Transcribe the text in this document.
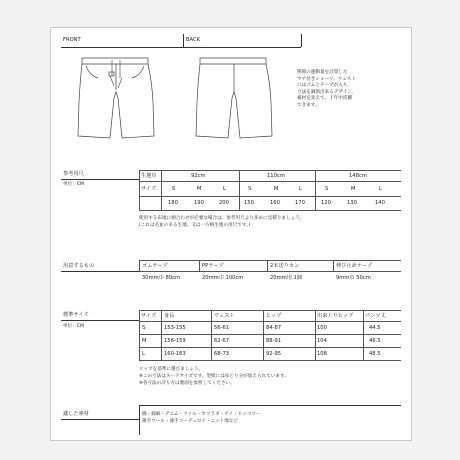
FRONT	BACK
関節の運動量を計算した
マチ付きショーツ。ウェスト
にはゴムとテープが入り、
寸法を調節出来るデザイン。
素材を変えて、１年中活躍
できます。
参考用尺
単位：CM
生地巾
サイズ
92cm	110cm	148cm
S	M	L	S	M	L	S	M	L
180	190	200	150	160	170	120	130	140
使用する布地に柄合わせが必要な場合は、参考用尺より多めに見積りましょう。
(これは毛並のある生地、又は一方柄生地の用尺です。)
用意するもの	ゴムテープ	PPテープ	2本送りカン	伸び止めテープ
30mm巾 80cm	20mm巾 100cm	20mm用 1個	9mm巾 50cm
標準サイズ
単位：CM
サイズ 身長	ウェスト	ヒップ	出来上りヒップ パンツ丈
S	153-155	56-61	84-87	100	44.5
M	156-159	62-67	88-91	104	46.5
L	160-163	68-73	92-95	108	48.5
ヒップを基準に選びましょう。
※この寸法はヌードサイズです。型紙にはゆとり分が加えられています。
※各寸法の計り方は裏面を参照してください。
適した素材	綿・綿麻・デニム・ツイル・カツラギ・チノ・ヒッコリー
薄手ウール・薄手コーデュロイ・ニット地など
